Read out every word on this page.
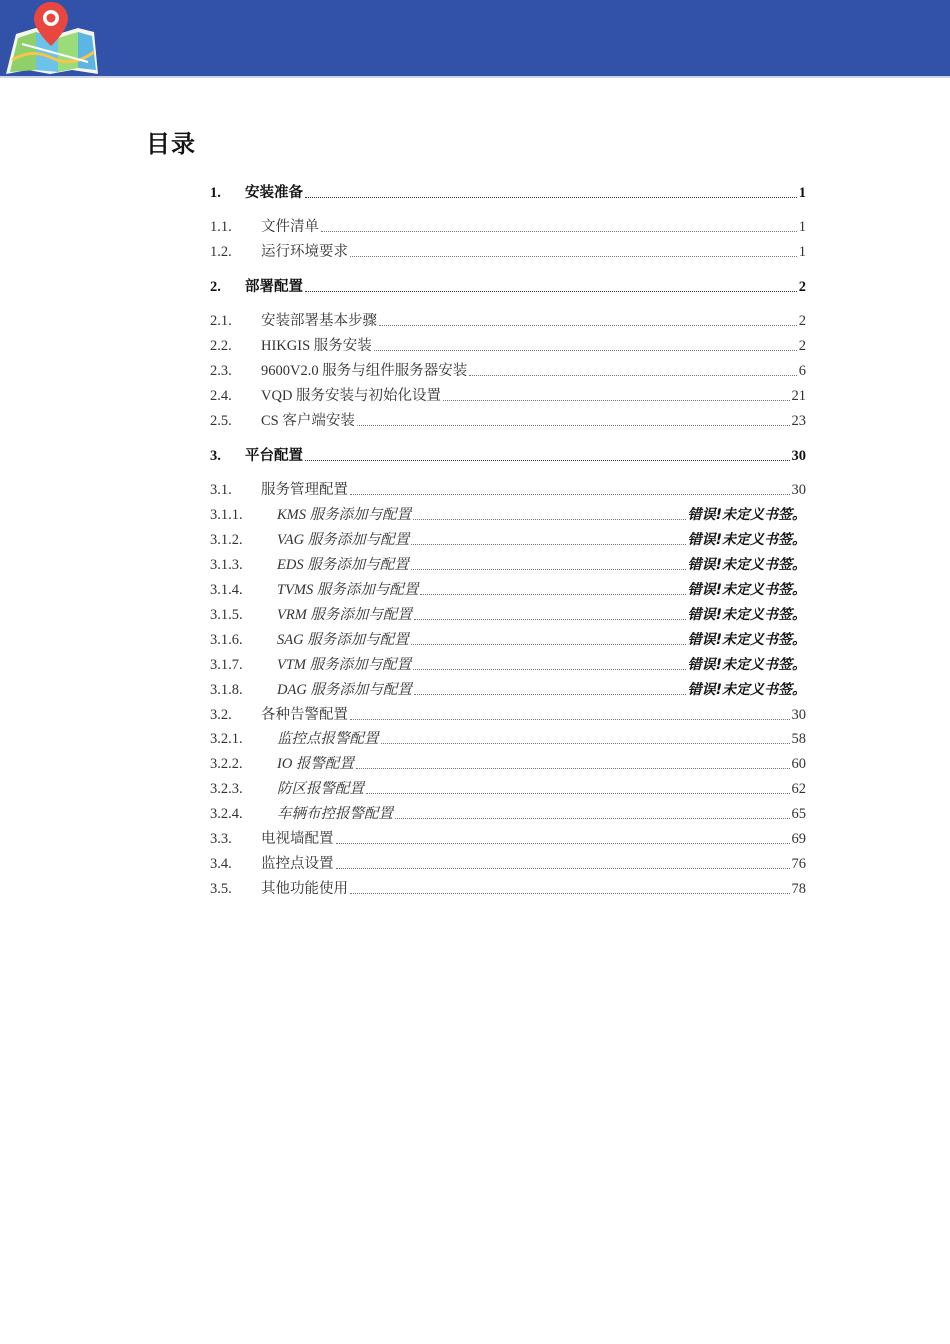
目录
1.	安装准备	1
1.1.	文件清单	1
1.2.	运行环境要求	1
2.	部署配置	2
2.1.	安装部署基本步骤	2
2.2.	HIKGIS 服务安装	2
2.3.	9600V2.0 服务与组件服务器安装	6
2.4.	VQD 服务安装与初始化设置	21
2.5.	CS 客户端安装	23
3.	平台配置	30
3.1.	服务管理配置	30
3.1.1.	KMS 服务添加与配置	错误!未定义书签。
3.1.2.	VAG 服务添加与配置	错误!未定义书签。
3.1.3.	EDS 服务添加与配置	错误!未定义书签。
3.1.4.	TVMS 服务添加与配置	错误!未定义书签。
3.1.5.	VRM 服务添加与配置	错误!未定义书签。
3.1.6.	SAG 服务添加与配置	错误!未定义书签。
3.1.7.	VTM 服务添加与配置	错误!未定义书签。
3.1.8.	DAG 服务添加与配置	错误!未定义书签。
3.2.	各种告警配置	30
3.2.1.	监控点报警配置	58
3.2.2.	IO 报警配置	60
3.2.3.	防区报警配置	62
3.2.4.	车辆布控报警配置	65
3.3.	电视墙配置	69
3.4.	监控点设置	76
3.5.	其他功能使用	78
